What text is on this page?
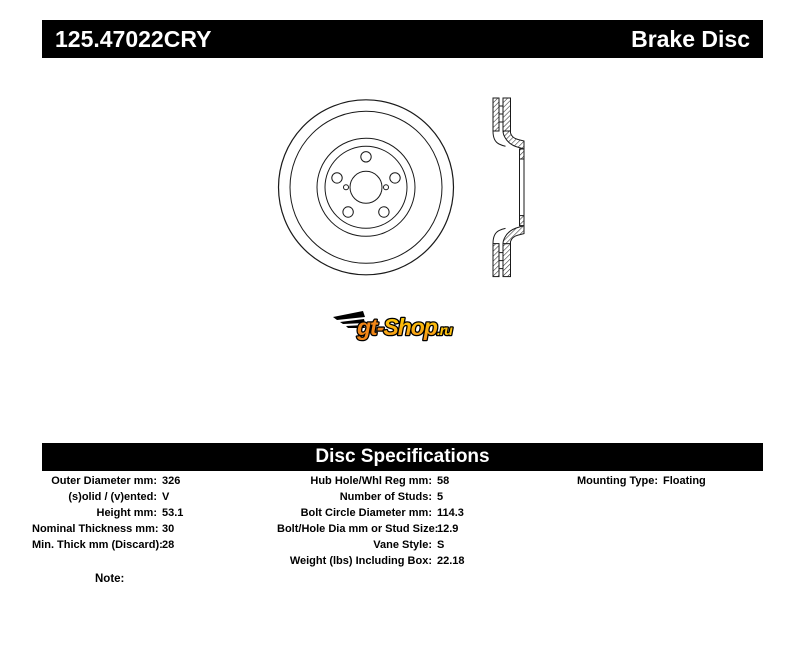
125.47022CRY	Brake Disc
gt-Shop.ru
Disc Specifications
Outer Diameter mm: 326
(s)olid / (v)ented: V
Height mm: 53.1
Nominal Thickness mm: 30
Min. Thick mm (Discard): 28
Hub Hole/Whl Reg mm: 58
Number of Studs: 5
Bolt Circle Diameter mm: 114.3
Bolt/Hole Dia mm or Stud Size:
12.9
Vane Style: S
Weight (lbs) Including Box: 22.18
Mounting Type: Floating
Note:
